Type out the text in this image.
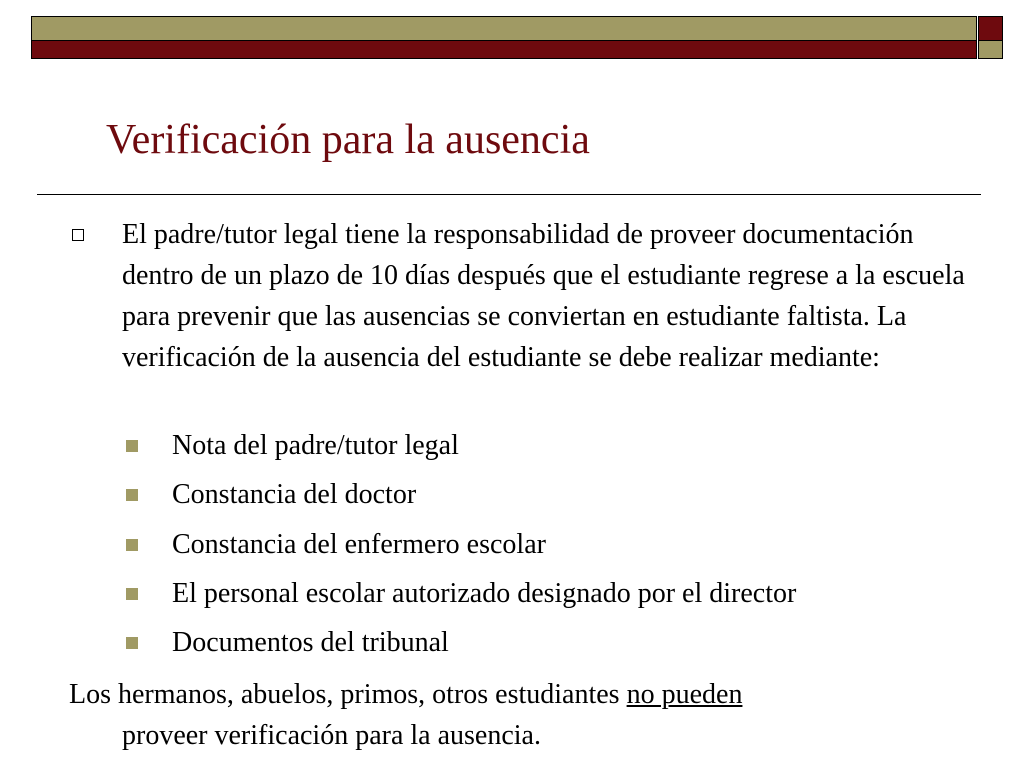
Verificación para la ausencia
El padre/tutor legal tiene la responsabilidad de proveer documentación dentro de un plazo de 10 días después que el estudiante regrese a la escuela para prevenir que las ausencias se conviertan en estudiante faltista. La verificación de la ausencia del estudiante se debe realizar mediante:
Nota del padre/tutor legal
Constancia del doctor
Constancia del enfermero escolar
El personal escolar autorizado designado por el director
Documentos del tribunal
Los hermanos, abuelos, primos, otros estudiantes no pueden
proveer verificación para la ausencia.
